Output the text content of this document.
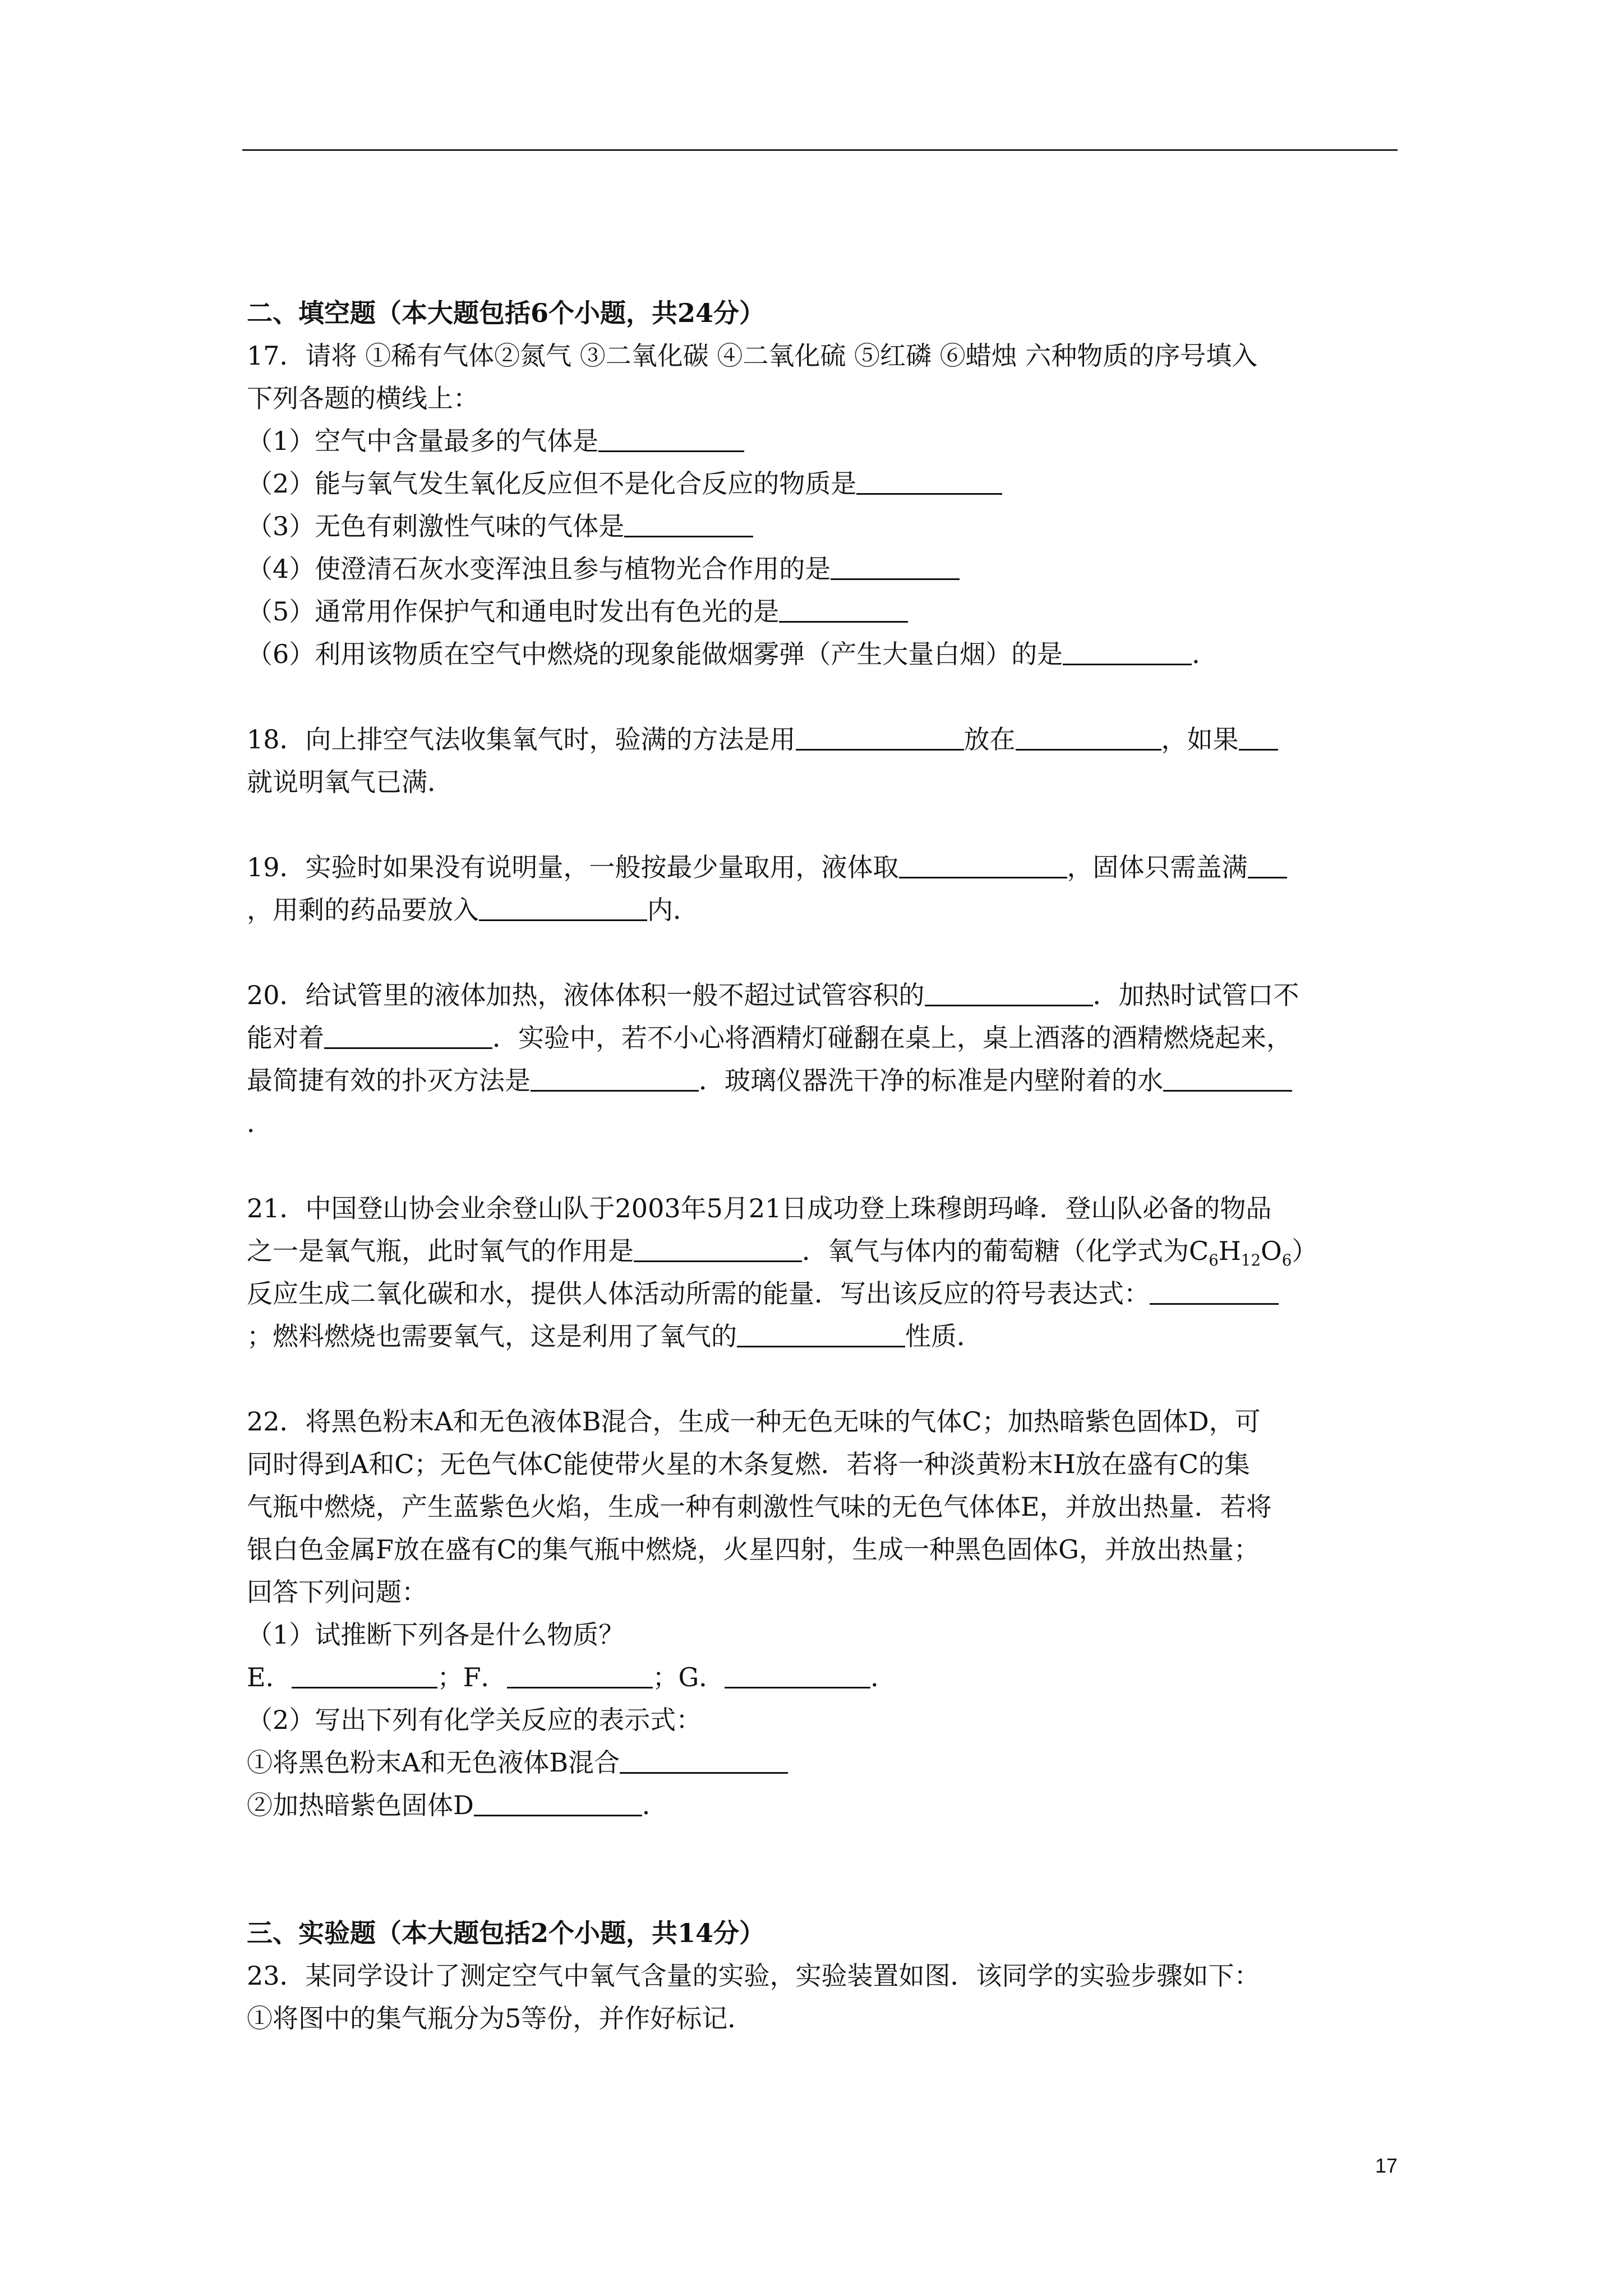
二、填空题（本大题包括6个小题，共24分）
17．请将 ①稀有气体②氮气 ③二氧化碳 ④二氧化硫 ⑤红磷 ⑥蜡烛 六种物质的序号填入
下列各题的横线上：
（1）空气中含量最多的气体是
（2）能与氧气发生氧化反应但不是化合反应的物质是
（3）无色有刺激性气味的气体是
（4）使澄清石灰水变浑浊且参与植物光合作用的是
（5）通常用作保护气和通电时发出有色光的是
（6）利用该物质在空气中燃烧的现象能做烟雾弹（产生大量白烟）的是	．
18．向上排空气法收集氧气时，验满的方法是用	放在	，如果
就说明氧气已满．
19．实验时如果没有说明量，一般按最少量取用，液体取	，固体只需盖满
，用剩的药品要放入	内．
20．给试管里的液体加热，液体体积一般不超过试管容积的	．加热时试管口不
能对着	．实验中，若不小心将酒精灯碰翻在桌上，桌上酒落的酒精燃烧起来，
最简捷有效的扑灭方法是	．玻璃仪器洗干净的标准是内壁附着的水
．
21．中国登山协会业余登山队于2003年5月21日成功登上珠穆朗玛峰．登山队必备的物品
之一是氧气瓶，此时氧气的作用是	．氧气与体内的葡萄糖（化学式为$C_6H_{12}O_6$）
反应生成二氧化碳和水，提供人体活动所需的能量．写出该反应的符号表达式：
；燃料燃烧也需要氧气，这是利用了氧气的	性质．
22．将黑色粉末A和无色液体B混合，生成一种无色无味的气体C；加热暗紫色固体D，可
同时得到A和C；无色气体C能使带火星的木条复燃．若将一种淡黄粉末H放在盛有C的集
气瓶中燃烧，产生蓝紫色火焰，生成一种有刺激性气味的无色气体体E，并放出热量．若将
银白色金属F放在盛有C的集气瓶中燃烧，火星四射，生成一种黑色固体G，并放出热量；
回答下列问题：
（1）试推断下列各是什么物质？
E．	；F．	；G．	．
（2）写出下列有化学关反应的表示式：
①将黑色粉末A和无色液体B混合
②加热暗紫色固体D	．
三、实验题（本大题包括2个小题，共14分）
23．某同学设计了测定空气中氧气含量的实验，实验装置如图．该同学的实验步骤如下：
①将图中的集气瓶分为5等份，并作好标记．
17
